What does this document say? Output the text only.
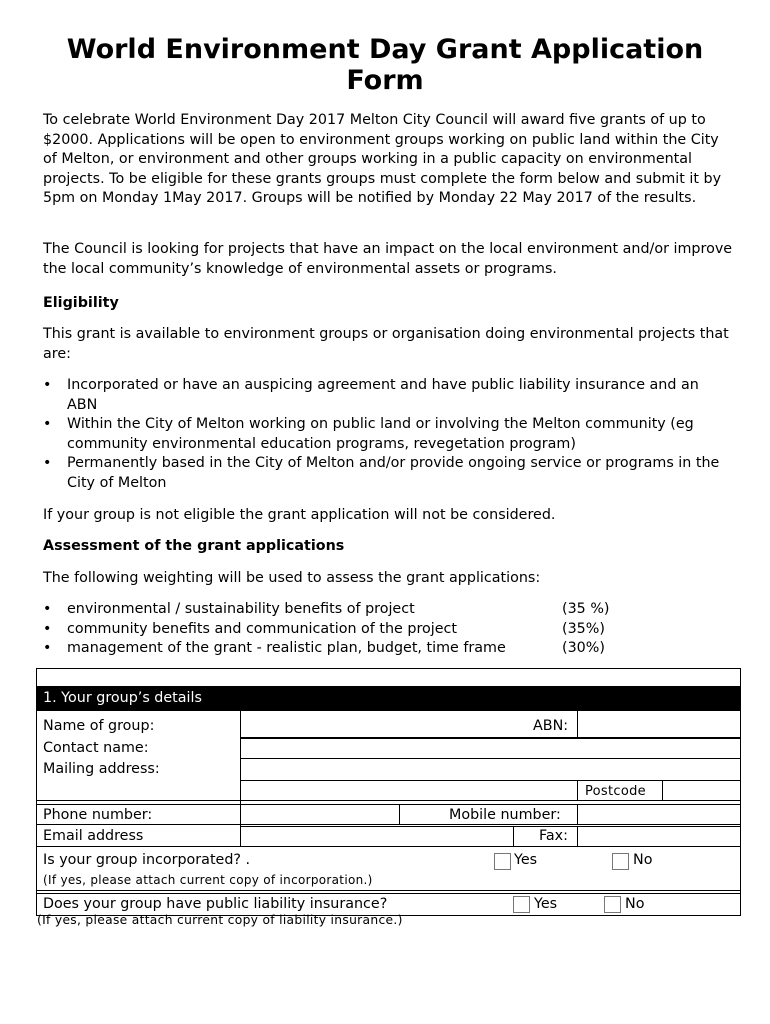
World Environment Day Grant Application Form

To celebrate World Environment Day 2017 Melton City Council will award five grants of up to $2000. Applications will be open to environment groups working on public land within the City of Melton, or environment and other groups working in a public capacity on environmental projects. To be eligible for these grants groups must complete the form below and submit it by 5pm on Monday 1May 2017. Groups will be notified by Monday 22 May 2017 of the results.

The Council is looking for projects that have an impact on the local environment and/or improve the local community’s knowledge of environmental assets or programs.

Eligibility

This grant is available to environment groups or organisation doing environmental projects that are:

• Incorporated or have an auspicing agreement and have public liability insurance and an ABN
• Within the City of Melton working on public land or involving the Melton community (eg community environmental education programs, revegetation program)
• Permanently based in the City of Melton and/or provide ongoing service or programs in the City of Melton

If your group is not eligible the grant application will not be considered.

Assessment of the grant applications

The following weighting will be used to assess the grant applications:

• environmental / sustainability benefits of project	(35 %)
• community benefits and communication of the project	(35%)
• management of the grant - realistic plan, budget, time frame	(30%)
1. Your group’s details
Name of group:	ABN:
Contact name:
Mailing address:
Postcode
Phone number:	Mobile number:
Email address	Fax:
Is your group incorporated? .
(If yes, please attach current copy of incorporation.)
Yes	No
Does your group have public liability insurance?	Yes	No
(If yes, please attach current copy of liability insurance.)
